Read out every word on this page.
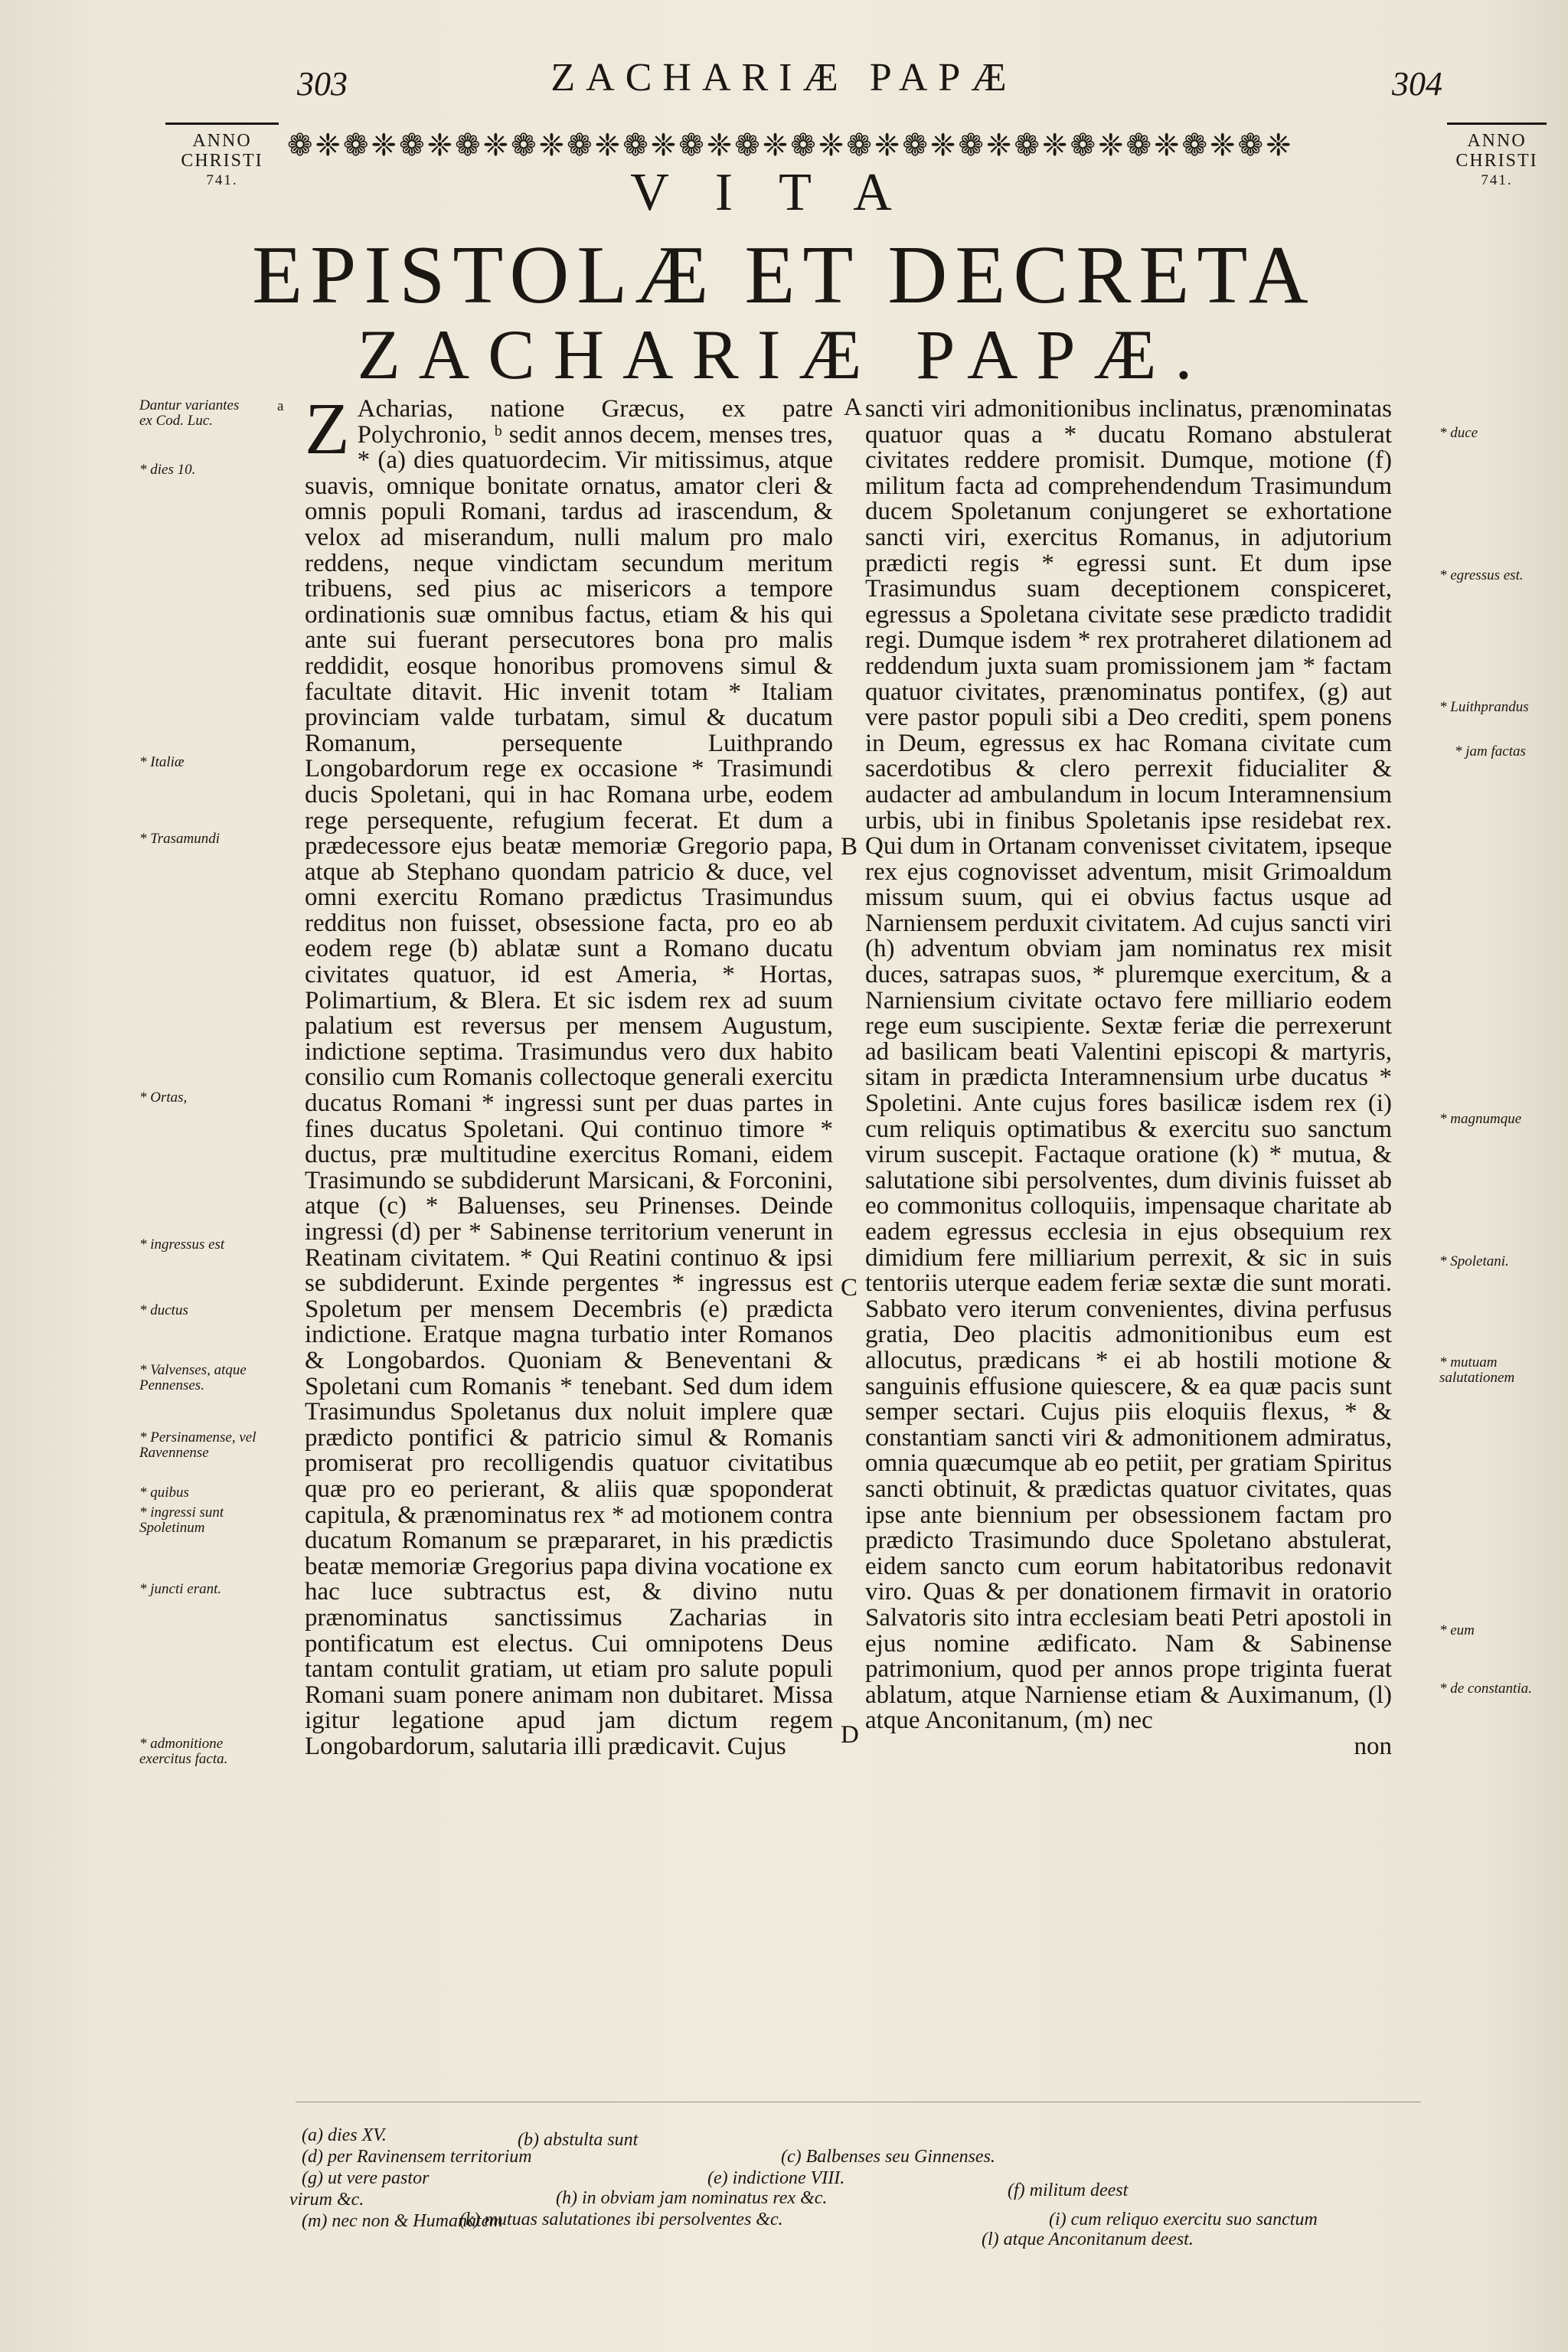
303	ZACHARIÆ PAPÆ	304
ANNO
CHRISTI
741.
ANNO
CHRISTI
741.
❁❈❁❈❁❈❁❈❁❈❁❈❁❈❁❈❁❈❁❈❁❈❁❈❁❈❁❈❁❈❁❈❁❈❁❈
VITA
EPISTOLÆ ET DECRETA
ZACHARIÆ PAPÆ.
Dantur variantes ex Cod. Luc.
* dies 10.
* Italiæ
* Trasamundi
* Ortas,
* ingressus est
* ductus
* Valvenses, atque Pennenses.
* Persinamense, vel Ravennense
* quibus
* ingressi sunt Spoletinum
* juncti erant.
* admonitione exercitus facta.
a Z Acharias, natione Græcus, ex patre Polychronio, ᵇ sedit annos decem, menses tres, * (a) dies quatuordecim. Vir mitissimus, atque suavis, omnique bonitate ornatus, amator cleri & omnis populi Romani, tardus ad irascendum, & velox ad miserandum, nulli malum pro malo reddens, neque vindictam secundum meritum tribuens, sed pius ac misericors a tempore ordinationis suæ omnibus factus, etiam & his qui ante sui fuerant persecutores bona pro malis reddidit, eosque honoribus promovens simul & facultate ditavit. Hic invenit totam * Italiam provinciam valde turbatam, simul & ducatum Romanum, persequente Luithprando Longobardorum rege ex occasione * Trasimundi ducis Spoletani, qui in hac Romana urbe, eodem rege persequente, refugium fecerat. Et dum a prædecessore ejus beatæ memoriæ Gregorio papa, atque ab Stephano quondam patricio & duce, vel omni exercitu Romano prædictus Trasimundus redditus non fuisset, obsessione facta, pro eo ab eodem rege (b) ablatæ sunt a Romano ducatu civitates quatuor, id est Ameria, * Hortas, Polimartium, & Blera. Et sic isdem rex ad suum palatium est reversus per mensem Augustum, indictione septima. Trasimundus vero dux habito consilio cum Romanis collectoque generali exercitu ducatus Romani * ingressi sunt per duas partes in fines ducatus Spoletani. Qui continuo timore * ductus, præ multitudine exercitus Romani, eidem Trasimundo se subdiderunt Marsicani, & Forconini, atque (c) * Baluenses, seu Prinenses. Deinde ingressi (d) per * Sabinense territorium venerunt in Reatinam civitatem. * Qui Reatini continuo & ipsi se subdiderunt. Exinde pergentes * ingressus est Spoletum per mensem Decembris (e) prædicta indictione. Eratque magna turbatio inter Romanos & Longobardos. Quoniam & Beneventani & Spoletani cum Romanis * tenebant. Sed dum idem Trasimundus Spoletanus dux noluit implere quæ prædicto pontifici & patricio simul & Romanis promiserat pro recolligendis quatuor civitatibus quæ pro eo perierant, & aliis quæ spoponderat capitula, & prænominatus rex * ad motionem contra ducatum Romanum se præpararet, in his prædictis beatæ memoriæ Gregorius papa divina vocatione ex hac luce subtractus est, & divino nutu prænominatus sanctissimus Zacharias in pontificatum est electus. Cui omnipotens Deus tantam contulit gratiam, ut etiam pro salute populi Romani suam ponere animam non dubitaret. Missa igitur legatione apud jam dictum regem Longobardorum, salutaria illi prædicavit. Cujus

A
B
C
D

sancti viri admonitionibus inclinatus, prænominatas quatuor quas a * ducatu Romano abstulerat civitates reddere promisit. Dumque, motione (f) militum facta ad comprehendendum Trasimundum ducem Spoletanum conjungeret se exhortatione sancti viri, exercitus Romanus, in adjutorium prædicti regis * egressi sunt. Et dum ipse Trasimundus suam deceptionem conspiceret, egressus a Spoletana civitate sese prædicto tradidit regi. Dumque isdem * rex protraheret dilationem ad reddendum juxta suam promissionem jam * factam quatuor civitates, prænominatus pontifex, (g) aut vere pastor populi sibi a Deo crediti, spem ponens in Deum, egressus ex hac Romana civitate cum sacerdotibus & clero perrexit fiducialiter & audacter ad ambulandum in locum Interamnensium urbis, ubi in finibus Spoletanis ipse residebat rex. Qui dum in Ortanam convenisset civitatem, ipseque rex ejus cognovisset adventum, misit Grimoaldum missum suum, qui ei obvius factus usque ad Narniensem perduxit civitatem. Ad cujus sancti viri (h) adventum obviam jam nominatus rex misit duces, satrapas suos, * pluremque exercitum, & a Narniensium civitate octavo fere milliario eodem rege eum suscipiente. Sextæ feriæ die perrexerunt ad basilicam beati Valentini episcopi & martyris, sitam in prædicta Interamnensium urbe ducatus * Spoletini. Ante cujus fores basilicæ isdem rex (i) cum reliquis optimatibus & exercitu suo sanctum virum suscepit. Factaque oratione (k) * mutua, & salutatione sibi persolventes, dum divinis fuisset ab eo commonitus colloquiis, impensaque charitate ab eadem egressus ecclesia in ejus obsequium rex dimidium fere milliarium perrexit, & sic in suis tentoriis uterque eadem feriæ sextæ die sunt morati. Sabbato vero iterum convenientes, divina perfusus gratia, Deo placitis admonitionibus eum est allocutus, prædicans * ei ab hostili motione & sanguinis effusione quiescere, & ea quæ pacis sunt semper sectari. Cujus piis eloquiis flexus, * & constantiam sancti viri & admonitionem admiratus, omnia quæcumque ab eo petiit, per gratiam Spiritus sancti obtinuit, & prædictas quatuor civitates, quas ipse ante biennium per obsessionem factam pro prædicto Trasimundo duce Spoletano abstulerat, eidem sancto cum eorum habitatoribus redonavit viro. Quas & per donationem firmavit in oratorio Salvatoris sito intra ecclesiam beati Petri apostoli in ejus nomine ædificato. Nam & Sabinense patrimonium, quod per annos prope triginta fuerat ablatum, atque Narniense etiam & Auximanum, (l) atque Anconitanum, (m) nec

non

* duce
* egressus est.
* Luithprandus
* jam factas
* magnumque
* Spoletani.
* mutuam salutationem
* eum
* de constantia.
(a) dies XV.	(b) abstulta sunt
(c) Balbenses seu Ginnenses.
(d) per Ravinensem territorium
(e) indictione VIII.
(f) militum deest
(g) ut vere pastor
(h) in obviam jam nominatus rex &c.
(i) cum reliquo exercitu suo sanctum
virum &c.
(k) mutuas salutationes ibi persolventes &c.
(l) atque Anconitanum deest.
(m) nec non & Humanatem
